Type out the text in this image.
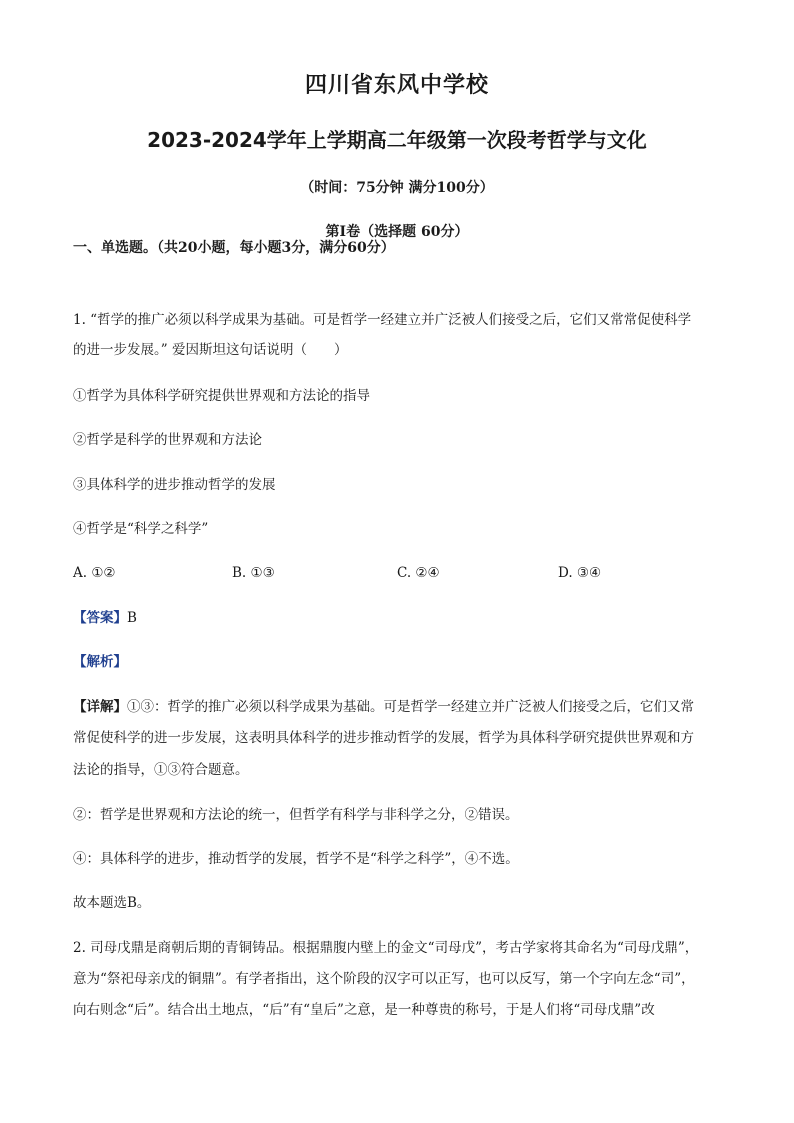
四川省东风中学校
2023-2024学年上学期高二年级第一次段考哲学与文化
（时间：75分钟 满分100分）
第I卷（选择题 60分）
一、单选题。（共20小题，每小题3分，满分60分）
1. “哲学的推广必须以科学成果为基础。可是哲学一经建立并广泛被人们接受之后，它们又常常促使科学
的进一步发展。” 爱因斯坦这句话说明（　　）
①哲学为具体科学研究提供世界观和方法论的指导
②哲学是科学的世界观和方法论
③具体科学的进步推动哲学的发展
④哲学是“科学之科学”
A. ①②	B. ①③	C. ②④	D. ③④
【答案】B
【解析】
【详解】①③：哲学的推广必须以科学成果为基础。可是哲学一经建立并广泛被人们接受之后，它们又常
常促使科学的进一步发展，这表明具体科学的进步推动哲学的发展，哲学为具体科学研究提供世界观和方
法论的指导，①③符合题意。
②：哲学是世界观和方法论的统一，但哲学有科学与非科学之分，②错误。
④：具体科学的进步，推动哲学的发展，哲学不是“科学之科学”，④不选。
故本题选B。
2. 司母戊鼎是商朝后期的青铜铸品。根据鼎腹内壁上的金文“司母戊”，考古学家将其命名为“司母戊鼎”，
意为“祭祀母亲戊的铜鼎”。有学者指出，这个阶段的汉字可以正写，也可以反写，第一个字向左念“司”，
向右则念“后”。结合出土地点，“后”有“皇后”之意，是一种尊贵的称号，于是人们将“司母戊鼎”改
